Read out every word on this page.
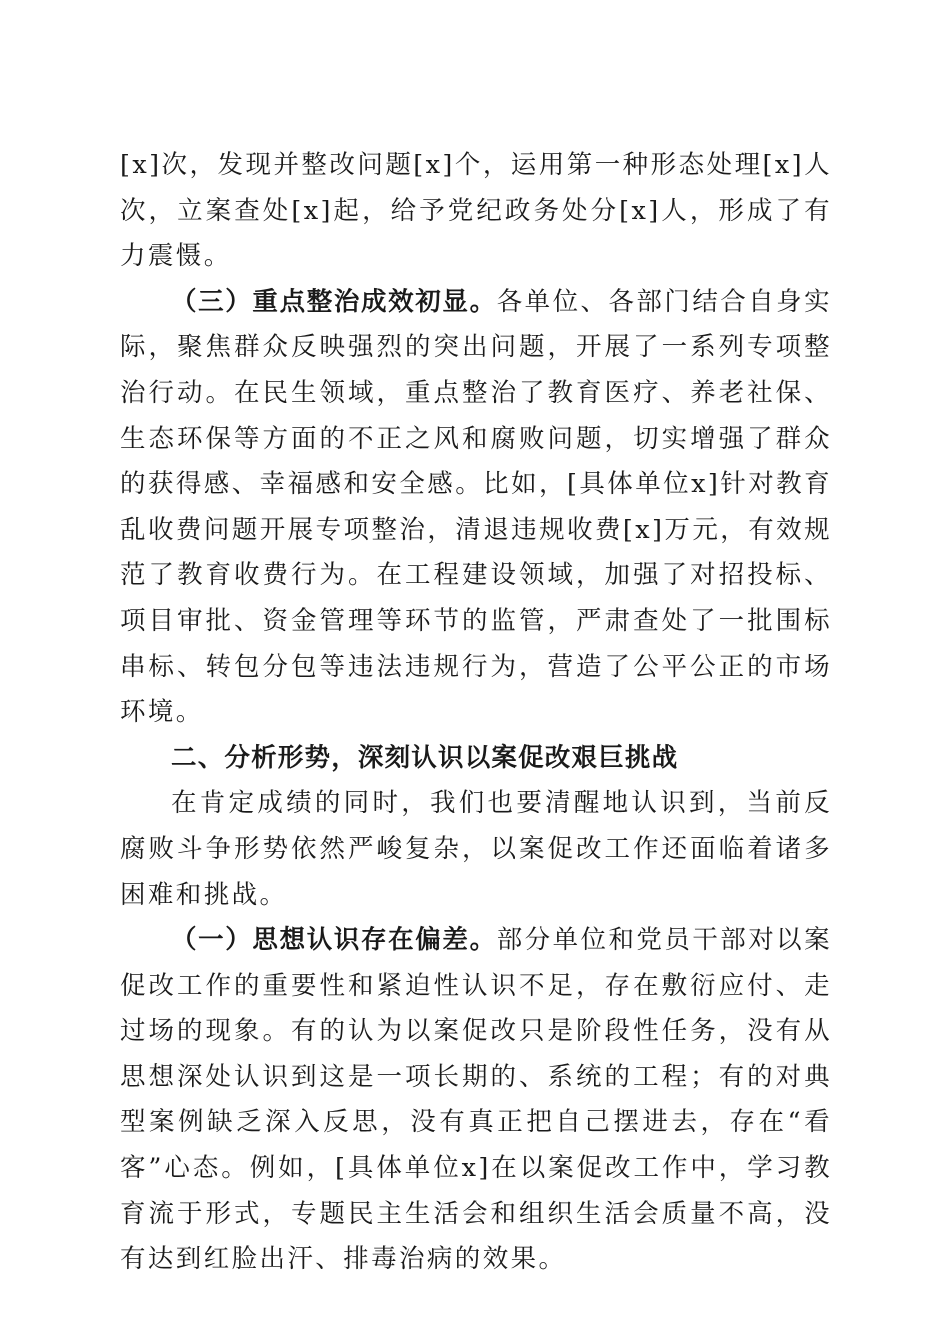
[x]次，发现并整改问题[x]个，运用第一种形态处理[x]人次，立案查处[x]起，给予党纪政务处分[x]人，形成了有力震慑。

（三）重点整治成效初显。各单位、各部门结合自身实际，聚焦群众反映强烈的突出问题，开展了一系列专项整治行动。在民生领域，重点整治了教育医疗、养老社保、生态环保等方面的不正之风和腐败问题，切实增强了群众的获得感、幸福感和安全感。比如，[具体单位x]针对教育乱收费问题开展专项整治，清退违规收费[x]万元，有效规范了教育收费行为。在工程建设领域，加强了对招投标、项目审批、资金管理等环节的监管，严肃查处了一批围标串标、转包分包等违法违规行为，营造了公平公正的市场环境。

二、分析形势，深刻认识以案促改艰巨挑战

在肯定成绩的同时，我们也要清醒地认识到，当前反腐败斗争形势依然严峻复杂，以案促改工作还面临着诸多困难和挑战。

（一）思想认识存在偏差。部分单位和党员干部对以案促改工作的重要性和紧迫性认识不足，存在敷衍应付、走过场的现象。有的认为以案促改只是阶段性任务，没有从思想深处认识到这是一项长期的、系统的工程；有的对典型案例缺乏深入反思，没有真正把自己摆进去，存在“看客”心态。例如，[具体单位x]在以案促改工作中，学习教育流于形式，专题民主生活会和组织生活会质量不高，没有达到红脸出汗、排毒治病的效果。
